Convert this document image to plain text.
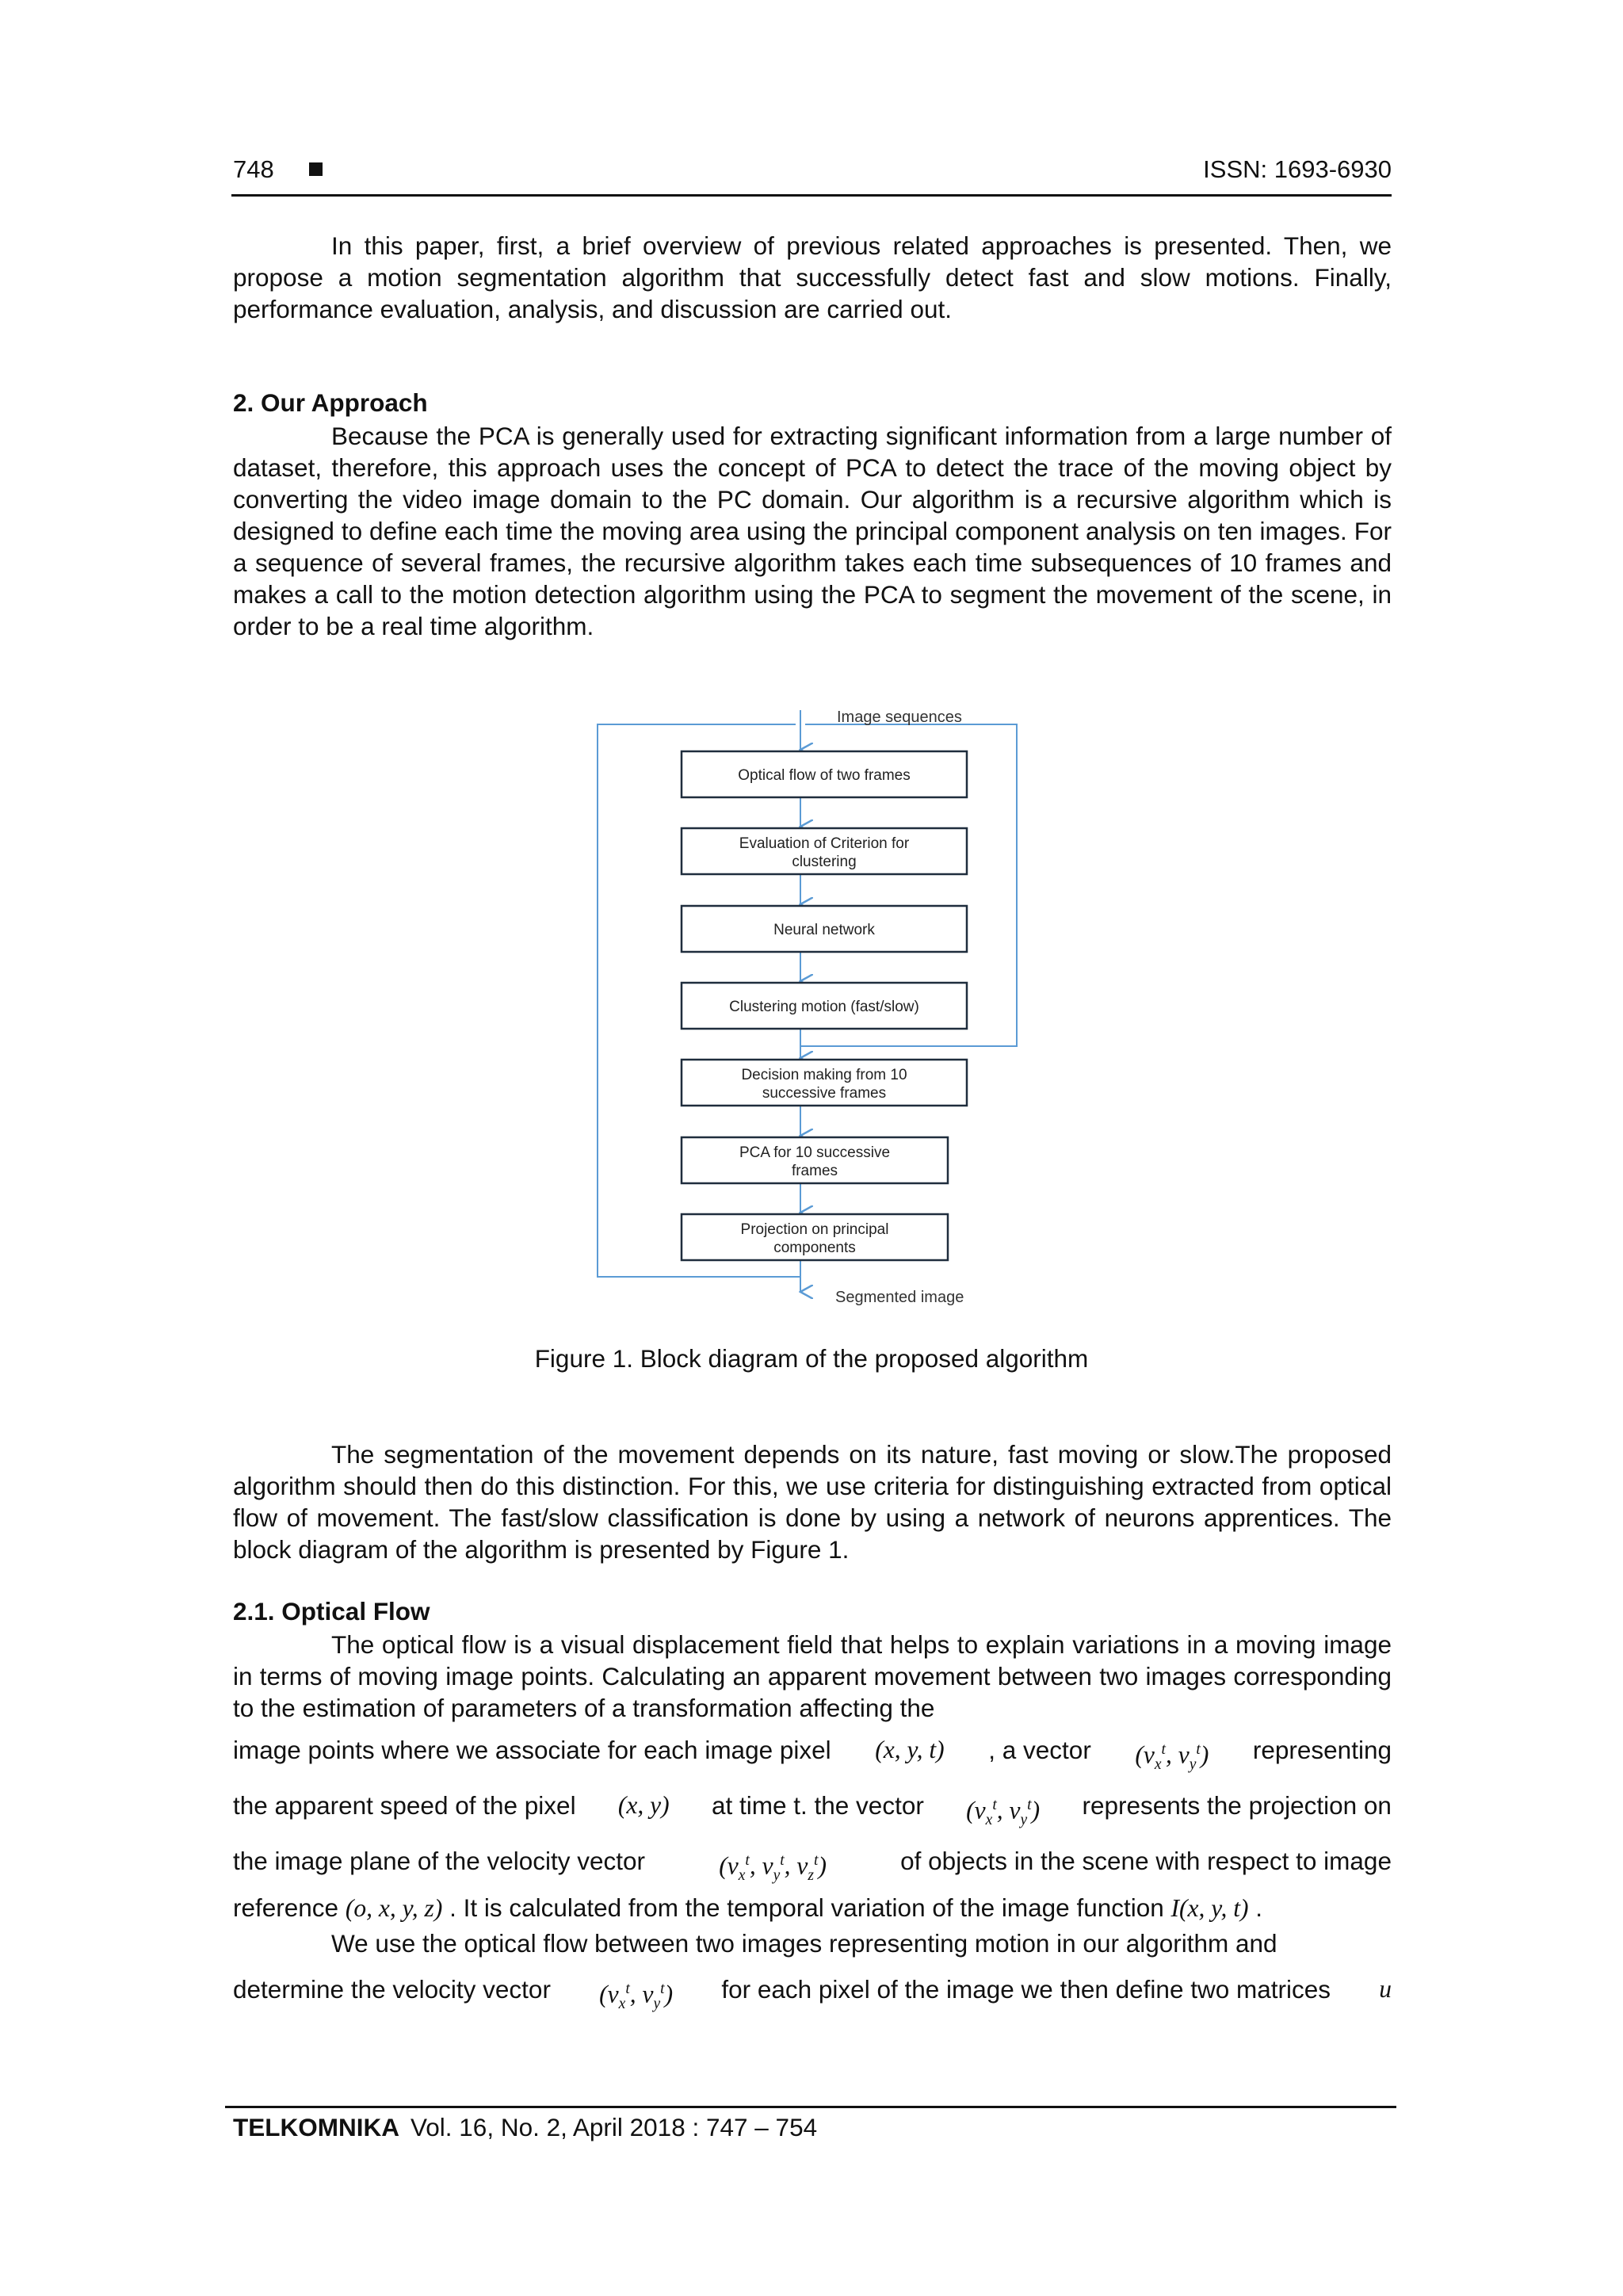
748	ISSN: 1693-6930

In this paper, first, a brief overview of previous related approaches is presented. Then, we propose a motion segmentation algorithm that successfully detect fast and slow motions. Finally, performance evaluation, analysis, and discussion are carried out.

2. Our Approach

Because the PCA is generally used for extracting significant information from a large number of dataset, therefore, this approach uses the concept of PCA to detect the trace of the moving object by converting the video image domain to the PC domain. Our algorithm is a recursive algorithm which is designed to define each time the moving area using the principal component analysis on ten images. For a sequence of several frames, the recursive algorithm takes each time subsequences of 10 frames and makes a call to the motion detection algorithm using the PCA to segment the movement of the scene, in order to be a real time algorithm.

Image sequences
Segmented image
Optical flow of two frames
Evaluation of Criterion for
clustering
Neural network
Clustering motion (fast/slow)
Decision making from 10
successive frames
PCA for 10 successive
frames
Projection on principal
components
Figure 1. Block diagram of the proposed algorithm

The segmentation of the movement depends on its nature, fast moving or slow.The proposed algorithm should then do this distinction. For this, we use criteria for distinguishing extracted from optical flow of movement. The fast/slow classification is done by using a network of neurons apprentices. The block diagram of the algorithm is presented by Figure 1.

2.1. Optical Flow

The optical flow is a visual displacement field that helps to explain variations in a moving image in terms of moving image points. Calculating an apparent movement between two images corresponding to the estimation of parameters of a transformation affecting the

image points where we associate for each image pixel (x, y, t) , a vector ($v_x^t$, $v_y^t$) representing
the apparent speed of the pixel (x, y) at time t. the vector ($v_x^t$, $v_y^t$) represents the projection on
the image plane of the velocity vector	($v_x^t$, $v_y^t$, $v_z^t$)	of objects in the scene with respect to image
reference (o, x, y, z) . It is calculated from the temporal variation of the image function I(x, y, t) .

We use the optical flow between two images representing motion in our algorithm and

determine the velocity vector ($v_x^t$, $v_y^t$) for each pixel of the image we then define two matrices u
TELKOMNIKA Vol. 16, No. 2, April 2018 : 747 – 754
